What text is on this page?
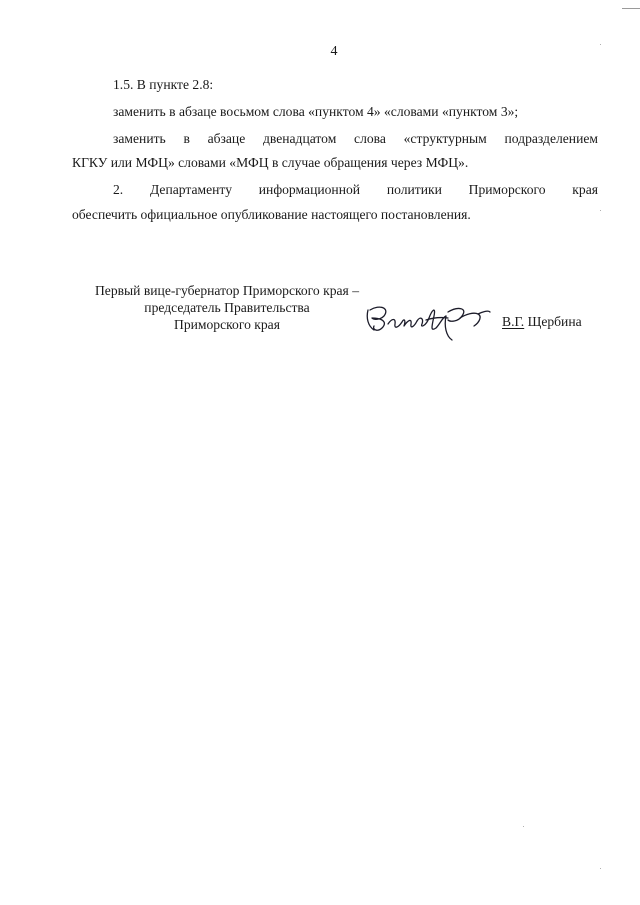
4
1.5. В пункте 2.8:
заменить в абзаце восьмом слова «пунктом 4» «словами «пунктом 3»;
заменить в абзаце двенадцатом слова «структурным подразделением
КГКУ или МФЦ» словами «МФЦ в случае обращения через МФЦ».
2. Департаменту информационной политики Приморского края
обеспечить официальное опубликование настоящего постановления.
Первый вице-губернатор Приморского края –
председатель Правительства
Приморского края	В.Г. Щербина
